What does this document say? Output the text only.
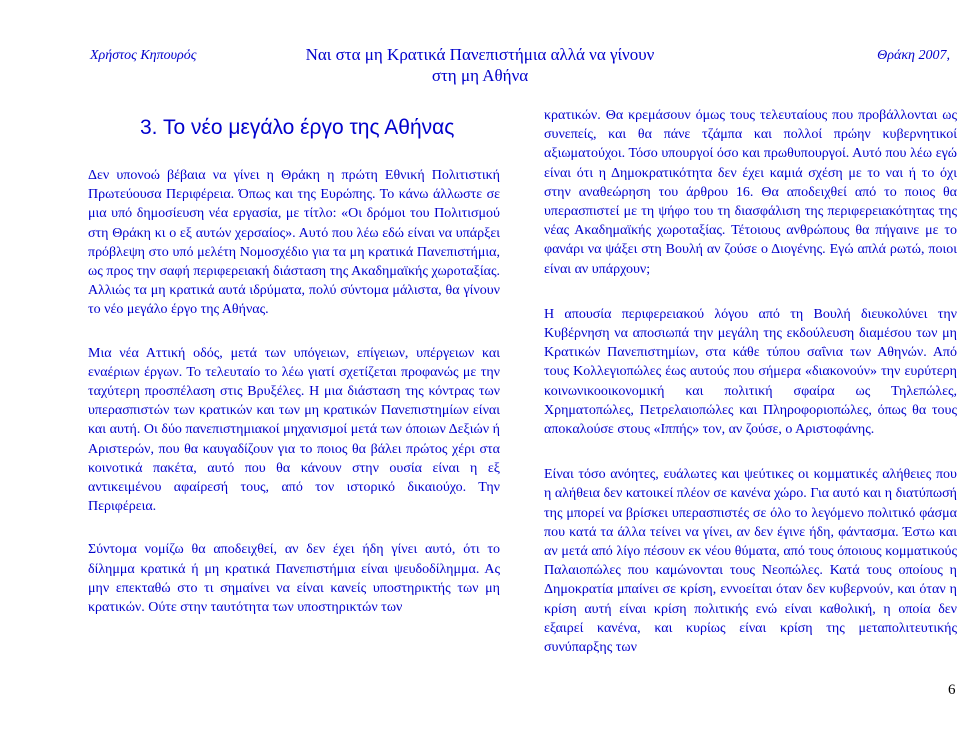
Χρήστος Κηπουρός	Ναι στα μη Κρατικά Πανεπιστήμια αλλά να γίνουν στη μη Αθήνα
Θράκη 2007,
3. Το νέο μεγάλο έργο της Αθήνας

Δεν υπονοώ βέβαια να γίνει η Θράκη η πρώτη Εθνική Πολιτιστική Πρωτεύουσα Περιφέρεια. Όπως και της Ευρώπης. Το κάνω άλλωστε σε μια υπό δημοσίευση νέα εργασία, με τίτλο: «Οι δρόμοι του Πολιτισμού στη Θράκη κι ο εξ αυτών χερσαίος». Αυτό που λέω εδώ είναι να υπάρξει πρόβλεψη στο υπό μελέτη Νομοσχέδιο για τα μη κρατικά Πανεπιστήμια, ως προς την σαφή περιφερειακή διάσταση της Ακαδημαϊκής χωροταξίας. Αλλιώς τα μη κρατικά αυτά ιδρύματα, πολύ σύντομα μάλιστα, θα γίνουν το νέο μεγάλο έργο της Αθήνας.

Μια νέα Αττική οδός, μετά των υπόγειων, επίγειων, υπέργειων και εναέριων έργων. Το τελευταίο το λέω γιατί σχετίζεται προφανώς με την ταχύτερη προσπέλαση στις Βρυξέλες. Η μια διάσταση της κόντρας των υπερασπιστών των κρατικών και των μη κρατικών Πανεπιστημίων είναι και αυτή. Οι δύο πανεπιστημιακοί μηχανισμοί μετά των όποιων Δεξιών ή Αριστερών, που θα καυγαδίζουν για το ποιος θα βάλει πρώτος χέρι στα κοινοτικά πακέτα, αυτό που θα κάνουν στην ουσία είναι η εξ αντικειμένου αφαίρεσή τους, από τον ιστορικό δικαιούχο. Την Περιφέρεια.

Σύντομα νομίζω θα αποδειχθεί, αν δεν έχει ήδη γίνει αυτό, ότι το δίλημμα κρατικά ή μη κρατικά Πανεπιστήμια είναι ψευδοδίλημμα. Ας μην επεκταθώ στο τι σημαίνει να είναι κανείς υποστηρικτής των μη κρατικών. Ούτε στην ταυτότητα των υποστηρικτών των

κρατικών. Θα κρεμάσουν όμως τους τελευταίους που προβάλλονται ως συνεπείς, και θα πάνε τζάμπα και πολλοί πρώην κυβερνητικοί αξιωματούχοι. Τόσο υπουργοί όσο και πρωθυπουργοί. Αυτό που λέω εγώ είναι ότι η Δημοκρατικότητα δεν έχει καμιά σχέση με το ναι ή το όχι στην αναθεώρηση του άρθρου 16. Θα αποδειχθεί από το ποιος θα υπερασπιστεί με τη ψήφο του τη διασφάλιση της περιφερειακότητας της νέας Ακαδημαϊκής χωροταξίας. Τέτοιους ανθρώπους θα πήγαινε με το φανάρι να ψάξει στη Βουλή αν ζούσε ο Διογένης. Εγώ απλά ρωτώ, ποιοι είναι αν υπάρχουν;

Η απουσία περιφερειακού λόγου από τη Βουλή διευκολύνει την Κυβέρνηση να αποσιωπά την μεγάλη της εκδούλευση διαμέσου των μη Κρατικών Πανεπιστημίων, στα κάθε τύπου σαΐνια των Αθηνών. Από τους Κολλεγιοπώλες έως αυτούς που σήμερα «διακονούν» την ευρύτερη κοινωνικοοικονομική και πολιτική σφαίρα ως Τηλεπώλες, Χρηματοπώλες, Πετρελαιοπώλες και Πληροφοριοπώλες, όπως θα τους αποκαλούσε στους «Ιππής» τον, αν ζούσε, ο Αριστοφάνης.

Είναι τόσο ανόητες, ευάλωτες και ψεύτικες οι κομματικές αλήθειες που η αλήθεια δεν κατοικεί πλέον σε κανένα χώρο. Για αυτό και η διατύπωσή της μπορεί να βρίσκει υπερασπιστές σε όλο το λεγόμενο πολιτικό φάσμα που κατά τα άλλα τείνει να γίνει, αν δεν έγινε ήδη, φάντασμα. Έστω και αν μετά από λίγο πέσουν εκ νέου θύματα, από τους όποιους κομματικούς Παλαιοπώλες που καμώνονται τους Νεοπώλες. Κατά τους οποίους η Δημοκρατία μπαίνει σε κρίση, εννοείται όταν δεν κυβερνούν, και όταν η κρίση αυτή είναι κρίση πολιτικής ενώ είναι καθολική, η οποία δεν εξαιρεί κανένα, και κυρίως είναι κρίση της μεταπολιτευτικής συνύπαρξης των

6
